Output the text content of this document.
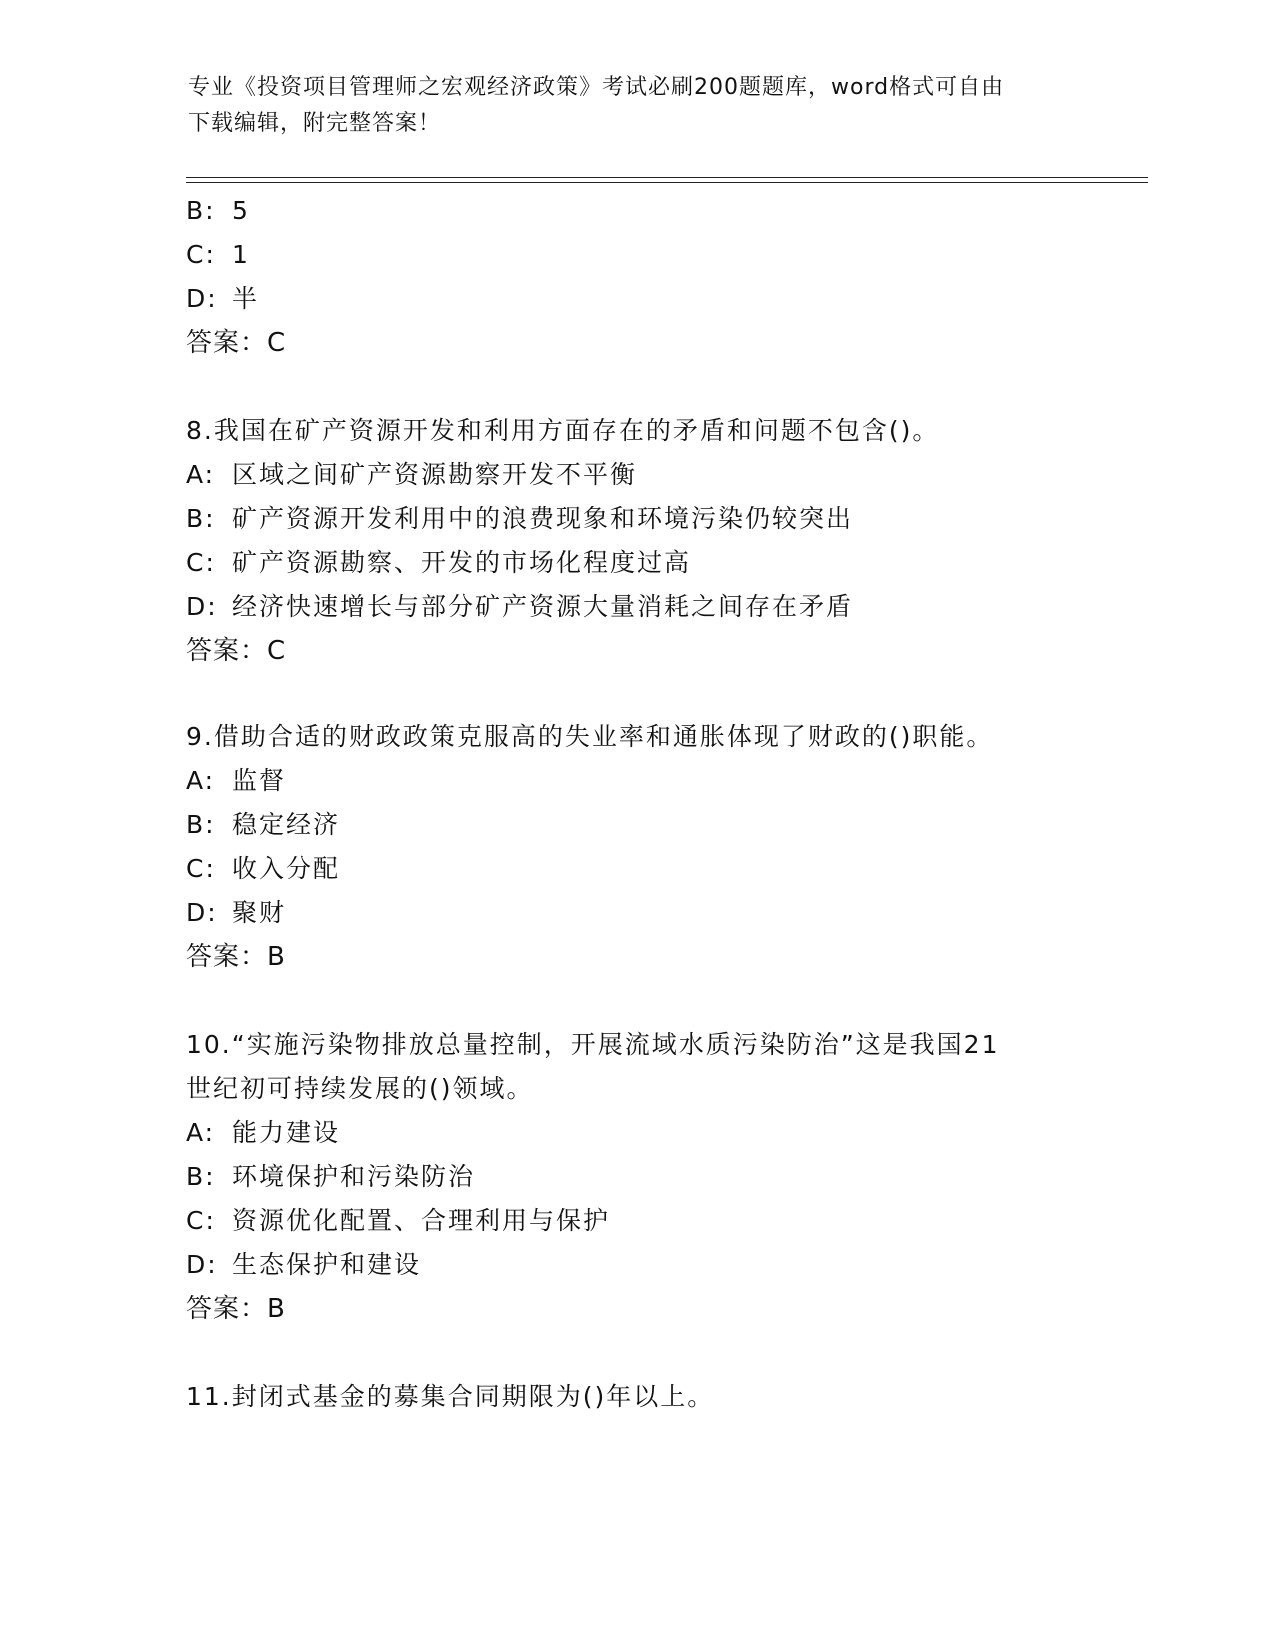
专业《投资项目管理师之宏观经济政策》考试必刷200题题库，word格式可自由
下载编辑，附完整答案！
B: 5
C: 1
D: 半
答案：C
8.我国在矿产资源开发和利用方面存在的矛盾和问题不包含()。
A: 区域之间矿产资源勘察开发不平衡
B: 矿产资源开发利用中的浪费现象和环境污染仍较突出
C: 矿产资源勘察、开发的市场化程度过高
D: 经济快速增长与部分矿产资源大量消耗之间存在矛盾
答案：C
9.借助合适的财政政策克服高的失业率和通胀体现了财政的()职能。
A: 监督
B: 稳定经济
C: 收入分配
D: 聚财
答案：B
10.“实施污染物排放总量控制，开展流域水质污染防治”这是我国21
世纪初可持续发展的()领域。
A: 能力建设
B: 环境保护和污染防治
C: 资源优化配置、合理利用与保护
D: 生态保护和建设
答案：B
11.封闭式基金的募集合同期限为()年以上。
